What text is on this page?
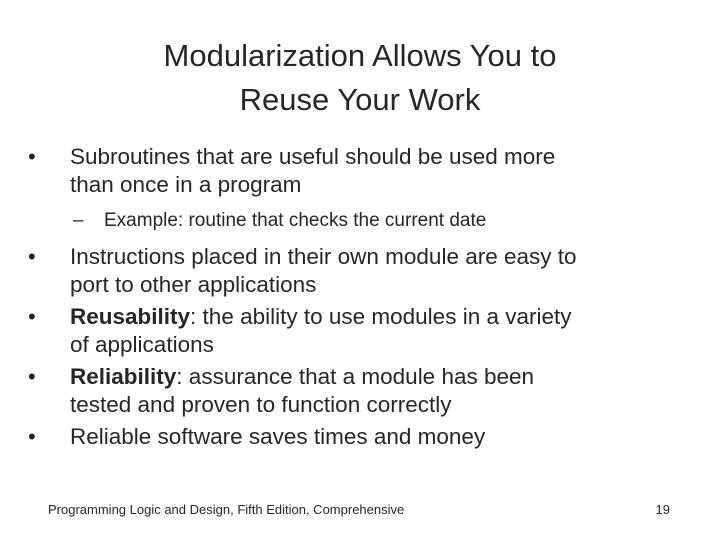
Modularization Allows You to
Reuse Your Work
•	Subroutines that are useful should be used more
than once in a program
– Example: routine that checks the current date
•	Instructions placed in their own module are easy to
port to other applications
•	Reusability: the ability to use modules in a variety
of applications
•	Reliability: assurance that a module has been
tested and proven to function correctly
•	Reliable software saves times and money
Programming Logic and Design, Fifth Edition, Comprehensive	19
